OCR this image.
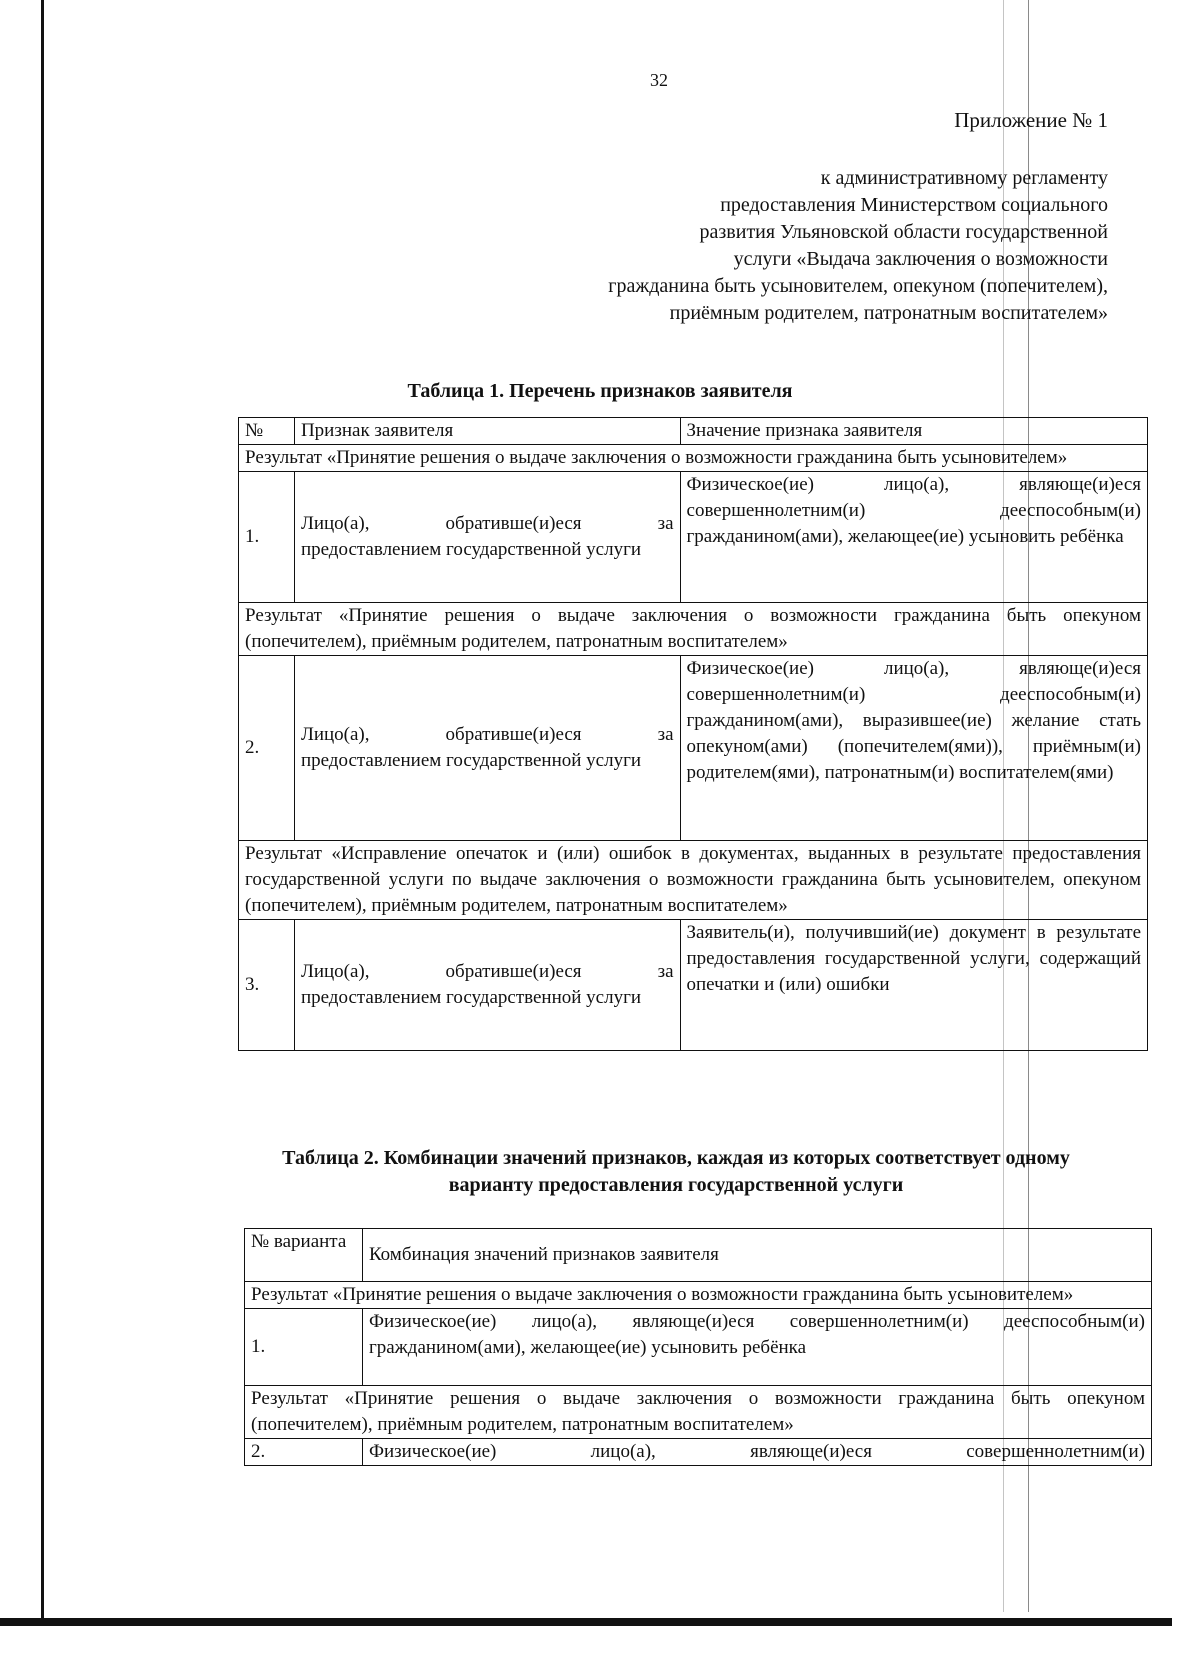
32
Приложение № 1
к административному регламенту
предоставления Министерством социального
развития Ульяновской области государственной
услуги «Выдача заключения о возможности
гражданина быть усыновителем, опекуном (попечителем),
приёмным родителем, патронатным воспитателем»
Таблица 1. Перечень признаков заявителя
№	Признак заявителя	Значение признака заявителя
Результат «Принятие решения о выдаче заключения о возможности гражданина быть усыновителем»		
1.	Лицо(а), обратившe(и)еся за предоставлением государственной услуги	Физическое(ие) лицо(а), являюще(и)еся совершеннолетним(и) дееспособным(и) гражданином(ами), желающее(ие) усыновить ребёнка
Результат «Принятие решения о выдаче заключения о возможности гражданина быть опекуном (попечителем), приёмным родителем, патронатным воспитателем»		
2.	Лицо(а), обратившe(и)еся за предоставлением государственной услуги	Физическое(ие) лицо(а), являюще(и)еся совершеннолетним(и) дееспособным(и) гражданином(ами), выразившее(ие) желание стать опекуном(ами) (попечителем(ями)), приёмным(и) родителем(ями), патронатным(и) воспитателем(ями)
Результат «Исправление опечаток и (или) ошибок в документах, выданных в результате предоставления государственной услуги по выдаче заключения о возможности гражданина быть усыновителем, опекуном (попечителем), приёмным родителем, патронатным воспитателем»		
3.	Лицо(а), обратившe(и)еся за предоставлением государственной услуги	Заявитель(и), получивший(ие) документ в результате предоставления государственной услуги, содержащий опечатки и (или) ошибки
Таблица 2. Комбинации значений признаков, каждая из которых соответствует одному
варианту предоставления государственной услуги
№ варианта	Комбинация значений признаков заявителя
Результат «Принятие решения о выдаче заключения о возможности гражданина быть усыновителем»	
1.	Физическое(ие) лицо(а), являюще(и)еся совершеннолетним(и) дееспособным(и) гражданином(ами), желающее(ие) усыновить ребёнка
Результат «Принятие решения о выдаче заключения о возможности гражданина быть опекуном (попечителем), приёмным родителем, патронатным воспитателем»	
2.	Физическое(ие) лицо(а), являюще(и)еся совершеннолетним(и)
